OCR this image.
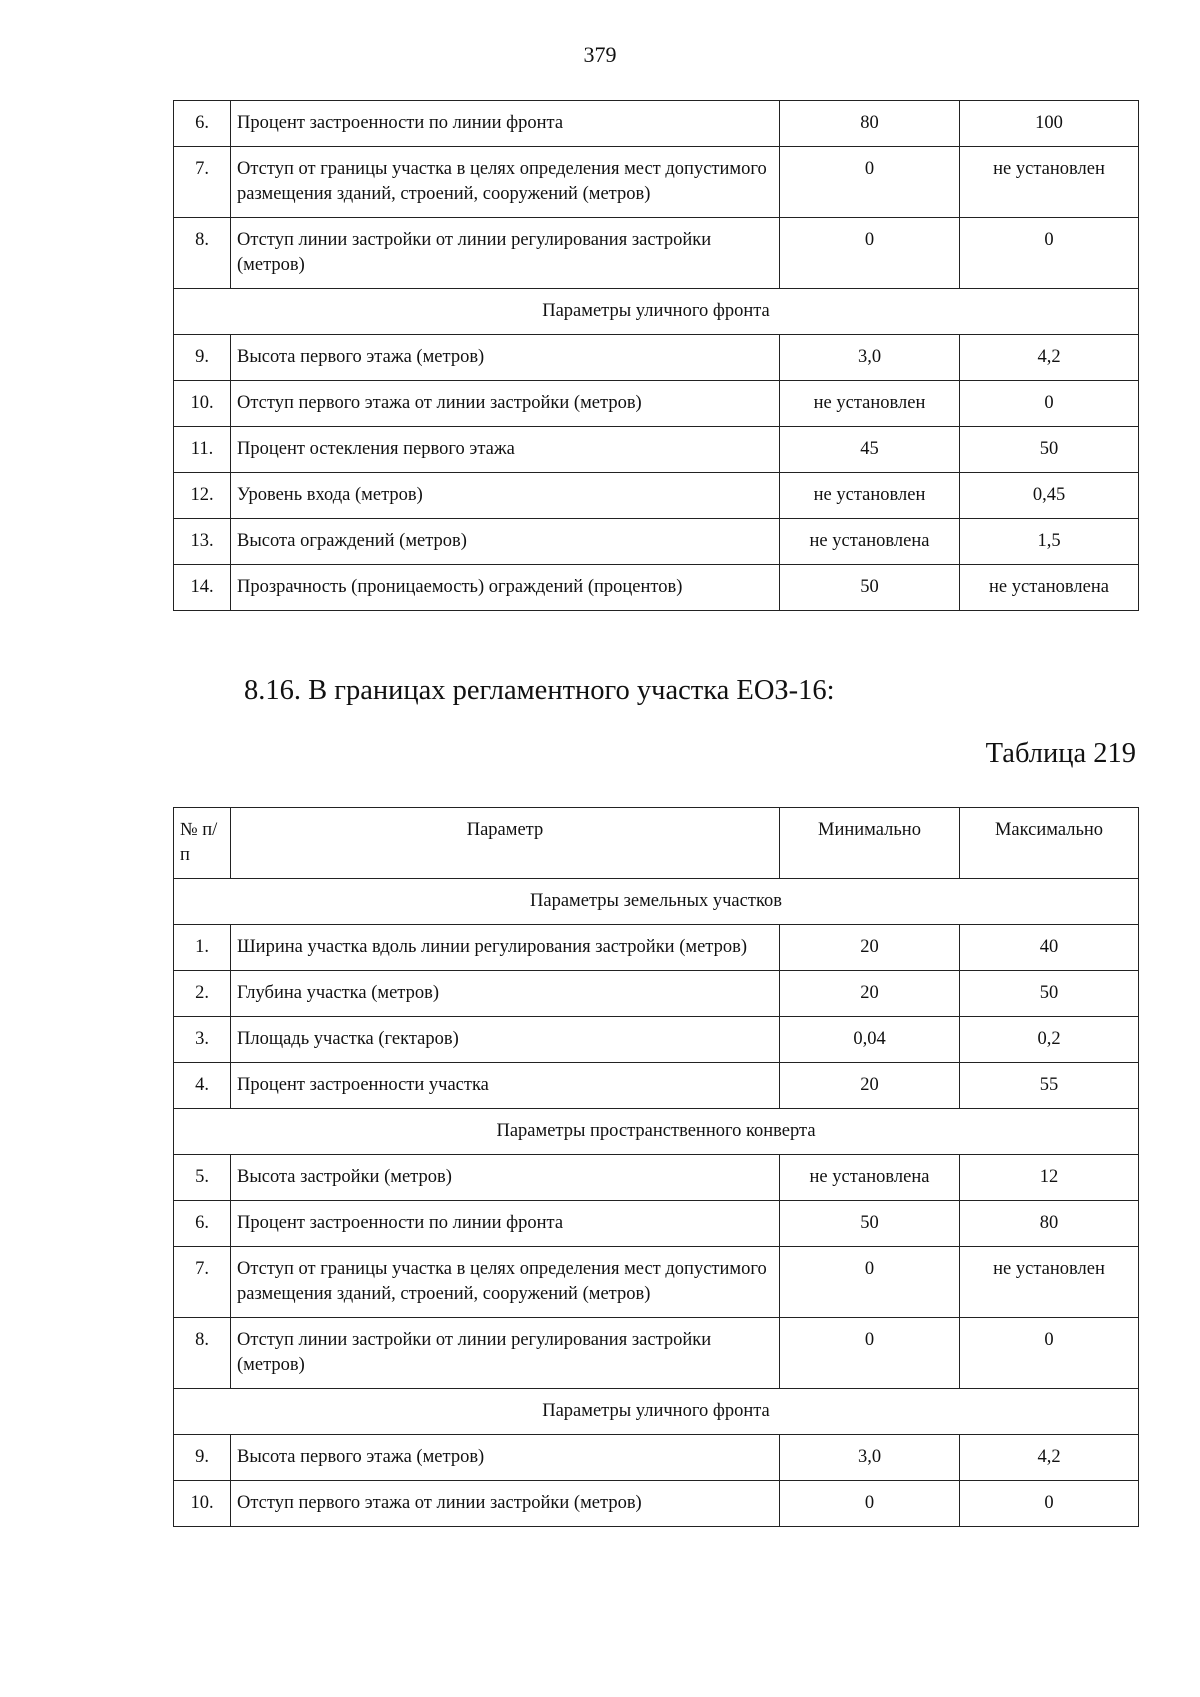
379
6.	Процент застроенности по линии фронта	80	100
7.	Отступ от границы участка в целях определения мест допустимого размещения зданий, строений, сооружений (метров)	0	не установлен
8.	Отступ линии застройки от линии регулирования застройки (метров)	0	0
Параметры уличного фронта			
9.	Высота первого этажа (метров)	3,0	4,2
10.	Отступ первого этажа от линии застройки (метров)	не установлен	0
11.	Процент остекления первого этажа	45	50
12.	Уровень входа (метров)	не установлен	0,45
13.	Высота ограждений (метров)	не установлена	1,5
14.	Прозрачность (проницаемость) ограждений (процентов)	50	не установлена
8.16. В границах регламентного участка ЕОЗ-16:
Таблица 219
№ п/п	Параметр	Минимально	Максимально
Параметры земельных участков			
1.	Ширина участка вдоль линии регулирования застройки (метров)	20	40
2.	Глубина участка (метров)	20	50
3.	Площадь участка (гектаров)	0,04	0,2
4.	Процент застроенности участка	20	55
Параметры пространственного конверта			
5.	Высота застройки (метров)	не установлена	12
6.	Процент застроенности по линии фронта	50	80
7.	Отступ от границы участка в целях определения мест допустимого размещения зданий, строений, сооружений (метров)	0	не установлен
8.	Отступ линии застройки от линии регулирования застройки (метров)	0	0
Параметры уличного фронта			
9.	Высота первого этажа (метров)	3,0	4,2
10.	Отступ первого этажа от линии застройки (метров)	0	0
